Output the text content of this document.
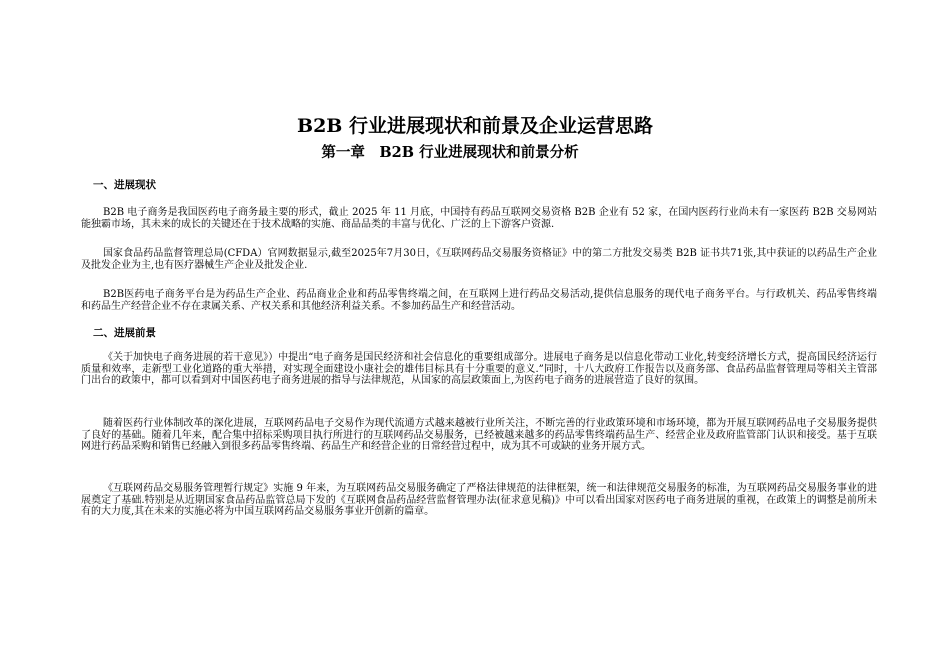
B2B 行业进展现状和前景及企业运营思路
第一章　B2B 行业进展现状和前景分析
一、进展现状

B2B 电子商务是我国医药电子商务最主要的形式，截止 2025 年 11 月底，中国持有药品互联网交易资格 B2B 企业有 52 家，在国内医药行业尚未有一家医药 B2B 交易网站能独霸市场，其未来的成长的关键还在于技术战略的实施、商品品类的丰富与优化、广泛的上下游客户资源.

国家食品药品监督管理总局(CFDA）官网数据显示,截至2025年7月30日，《互联网药品交易服务资格证》中的第二方批发交易类 B2B 证书共71张,其中获证的以药品生产企业及批发企业为主,也有医疗器械生产企业及批发企业.

B2B医药电子商务平台是为药品生产企业、药品商业企业和药品零售终端之间，在互联网上进行药品交易活动,提供信息服务的现代电子商务平台。与行政机关、药品零售终端和药品生产经营企业不存在隶属关系、产权关系和其他经济利益关系。不参加药品生产和经营活动。

二、进展前景

《关于加快电子商务进展的若干意见》）中提出“电子商务是国民经济和社会信息化的重要组成部分。进展电子商务是以信息化带动工业化,转变经济增长方式，提高国民经济运行质量和效率，走新型工业化道路的重大举措，对实现全面建设小康社会的雄伟目标具有十分重要的意义.”同时，十八大政府工作报告以及商务部、食品药品监督管理局等相关主管部门出台的政策中，都可以看到对中国医药电子商务进展的指导与法律规范，从国家的高层政策面上,为医药电子商务的进展营造了良好的氛围。

随着医药行业体制改革的深化进展，互联网药品电子交易作为现代流通方式越来越被行业所关注，不断完善的行业政策环境和市场环境，都为开展互联网药品电子交易服务提供了良好的基础。随着几年来，配合集中招标采购项目执行所进行的互联网药品交易服务，已经被越来越多的药品零售终端药品生产、经营企业及政府监管部门认识和接受。基于互联网进行药品采购和销售已经融入到很多药品零售终端、药品生产和经营企业的日常经营过程中，成为其不可或缺的业务开展方式。

《互联网药品交易服务管理暂行规定》实施 9 年来，为互联网药品交易服务确定了严格法律规范的法律框架，统一和法律规范交易服务的标准，为互联网药品交易服务事业的进展奠定了基础.特别是从近期国家食品药品监管总局下发的《互联网食品药品经营监督管理办法(征求意见稿)》中可以看出国家对医药电子商务进展的重视，在政策上的调整是前所未有的大力度,其在未来的实施必将为中国互联网药品交易服务事业开创新的篇章。
